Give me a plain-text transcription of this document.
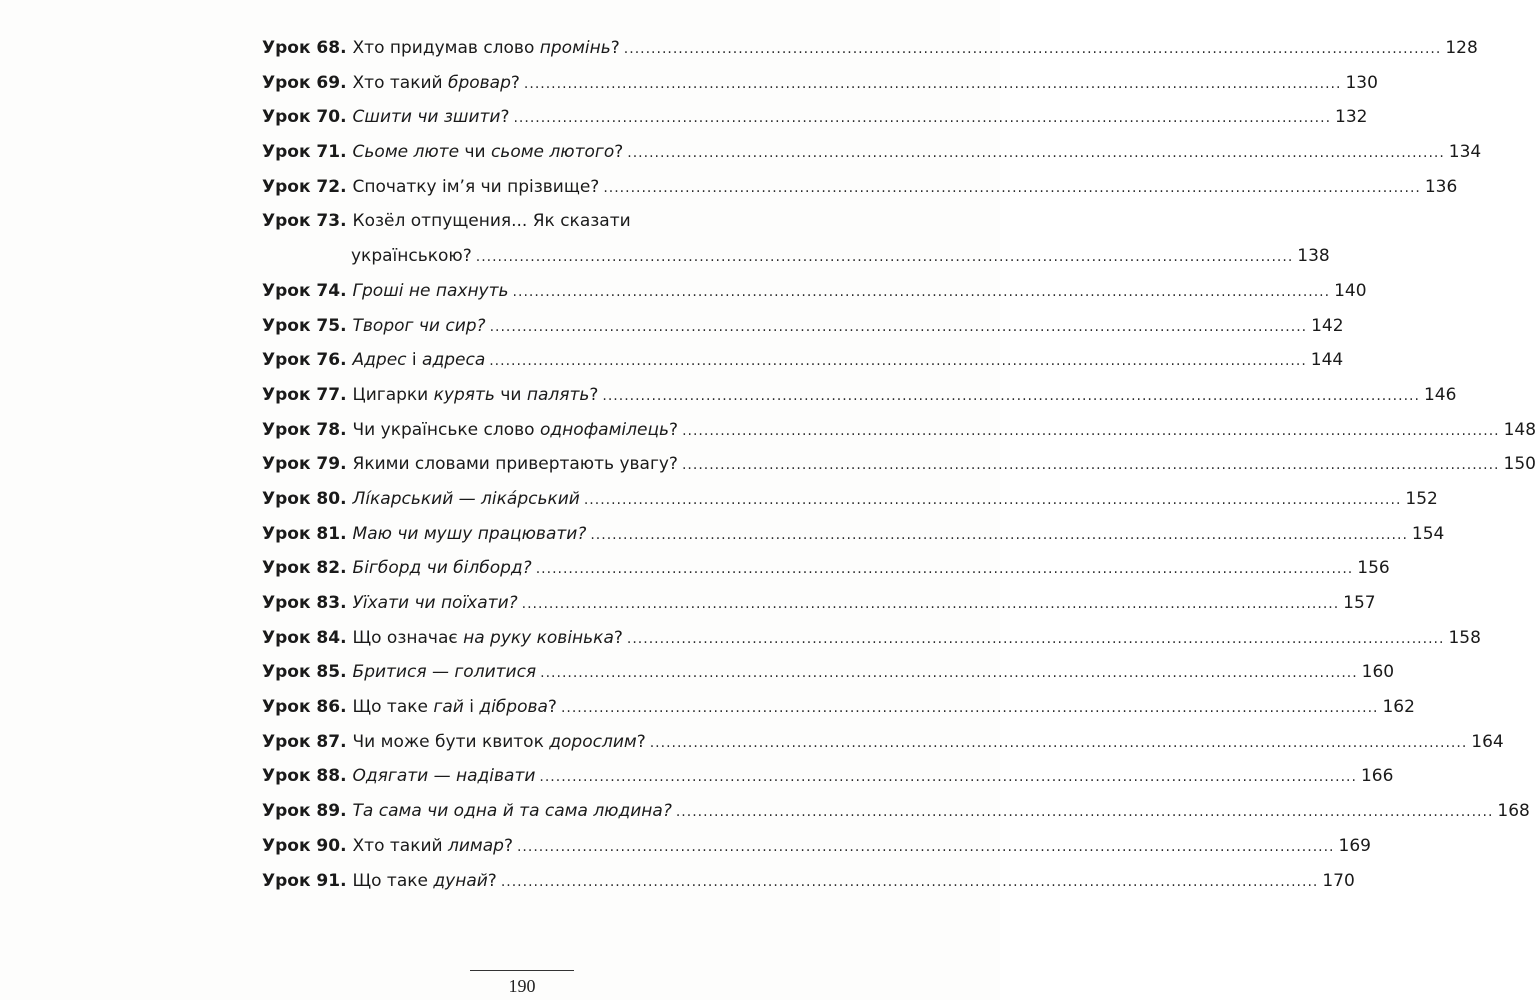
Урок 68. Хто придумав слово промінь? .....	128
Урок 69. Хто такий бровар? .....	130
Урок 70. Сшити чи зшити? .....	132
Урок 71. Сьоме люте чи сьоме лютого? .....	134
Урок 72. Спочатку ім’я чи прізвище? .....	136
Урок 73. Козёл отпущения... Як сказати
українською? .....	138
Урок 74. Гроші не пахнуть .....	140
Урок 75. Творог чи сир? .....	142
Урок 76. Адрес і адреса .....	144
Урок 77. Цигарки курять чи палять? .....	146
Урок 78. Чи українське слово однофамілець? .....	148
Урок 79. Якими словами привертають увагу? .....	150
Урок 80. Лі́карський — лікáрський .....	152
Урок 81. Маю чи мушу працювати? .....	154
Урок 82. Бігборд чи білборд? .....	156
Урок 83. Уїхати чи поїхати? .....	157
Урок 84. Що означає на руку ковінька? .....	158
Урок 85. Бритися — голитися .....	160
Урок 86. Що таке гай і діброва? .....	162
Урок 87. Чи може бути квиток дорослим? .....	164
Урок 88. Одягати — надівати .....	166
Урок 89. Та сама чи одна й та сама людина? .....	168
Урок 90. Хто такий лимар? .....	169
Урок 91. Що таке дунай? .....	170
190
